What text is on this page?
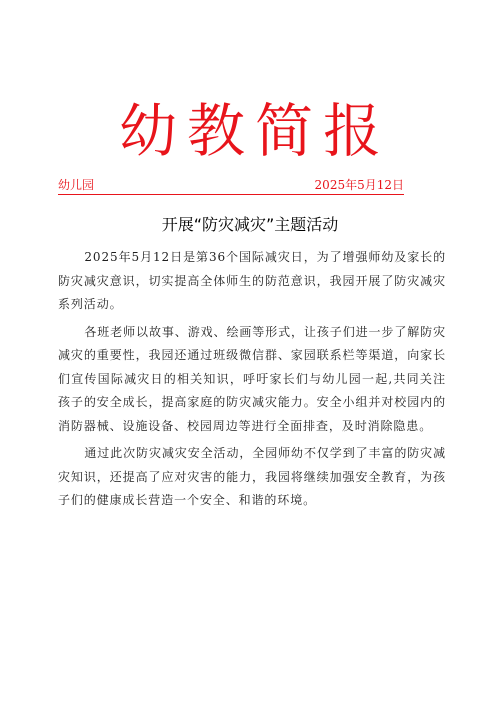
幼教简报
幼儿园	2025年5月12日
开展“防灾减灾”主题活动

2025年5月12日是第36个国际减灾日，为了增强师幼及家长的防灾减灾意识，切实提高全体师生的防范意识，我园开展了防灾减灾系列活动。

各班老师以故事、游戏、绘画等形式，让孩子们进一步了解防灾减灾的重要性，我园还通过班级微信群、家园联系栏等渠道，向家长们宣传国际减灾日的相关知识，呼吁家长们与幼儿园一起,共同关注孩子的安全成长，提高家庭的防灾减灾能力。安全小组并对校园内的消防器械、设施设备、校园周边等进行全面排查，及时消除隐患。

通过此次防灾减灾安全活动，全园师幼不仅学到了丰富的防灾减灾知识，还提高了应对灾害的能力，我园将继续加强安全教育，为孩子们的健康成长营造一个安全、和谐的环境。
